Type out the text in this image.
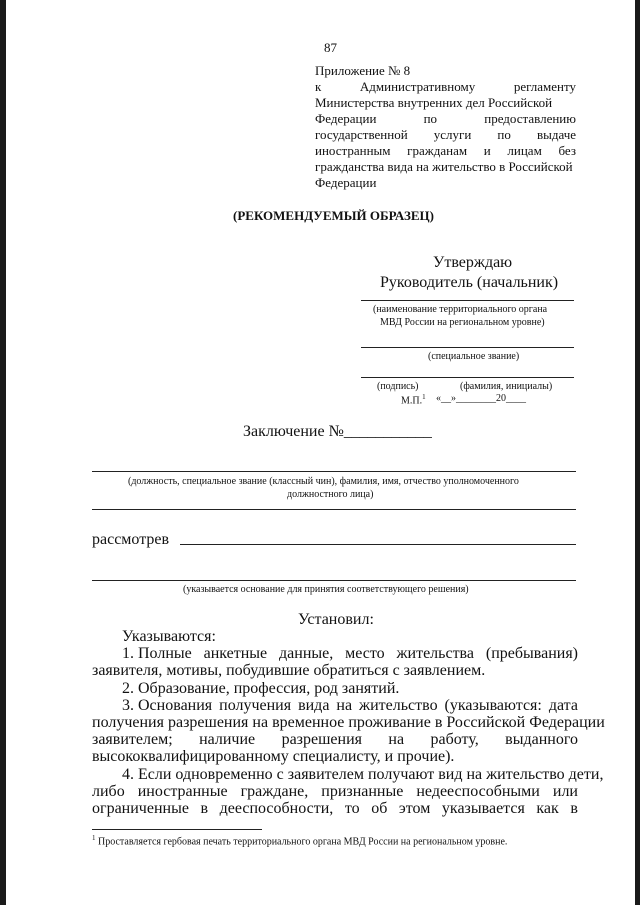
87
Приложение № 8
к	Административному	регламенту
Министерства внутренних дел Российской
Федерации	по	предоставлению
государственной услуги по выдаче
иностранным гражданам и лицам без
гражданства вида на жительство в Российской
Федерации
(РЕКОМЕНДУЕМЫЙ ОБРАЗЕЦ)
Утверждаю
Руководитель (начальник)
(наименование территориального органа
МВД России на региональном уровне)
(специальное звание)
(подпись)	(фамилия, инициалы)
М.П.$^1$ «__»________20____
Заключение №___________
(должность, специальное звание (классный чин), фамилия, имя, отчество уполномоченного
должностного лица)
рассмотрев
(указывается основание для принятия соответствующего решения)
Установил:
Указываются:
1. Полные анкетные данные, место жительства (пребывания)
заявителя, мотивы, побудившие обратиться с заявлением.
2. Образование, профессия, род занятий.
3. Основания получения вида на жительство (указываются: дата
получения разрешения на временное проживание в Российской Федерации
заявителем; наличие разрешения на работу, выданного
высококвалифицированному специалисту, и прочие).
4. Если одновременно с заявителем получают вид на жительство дети,
либо иностранные граждане, признанные недееспособными или
ограниченные в дееспособности, то об этом указывается как в
$^1$ Проставляется гербовая печать территориального органа МВД России на региональном уровне.
